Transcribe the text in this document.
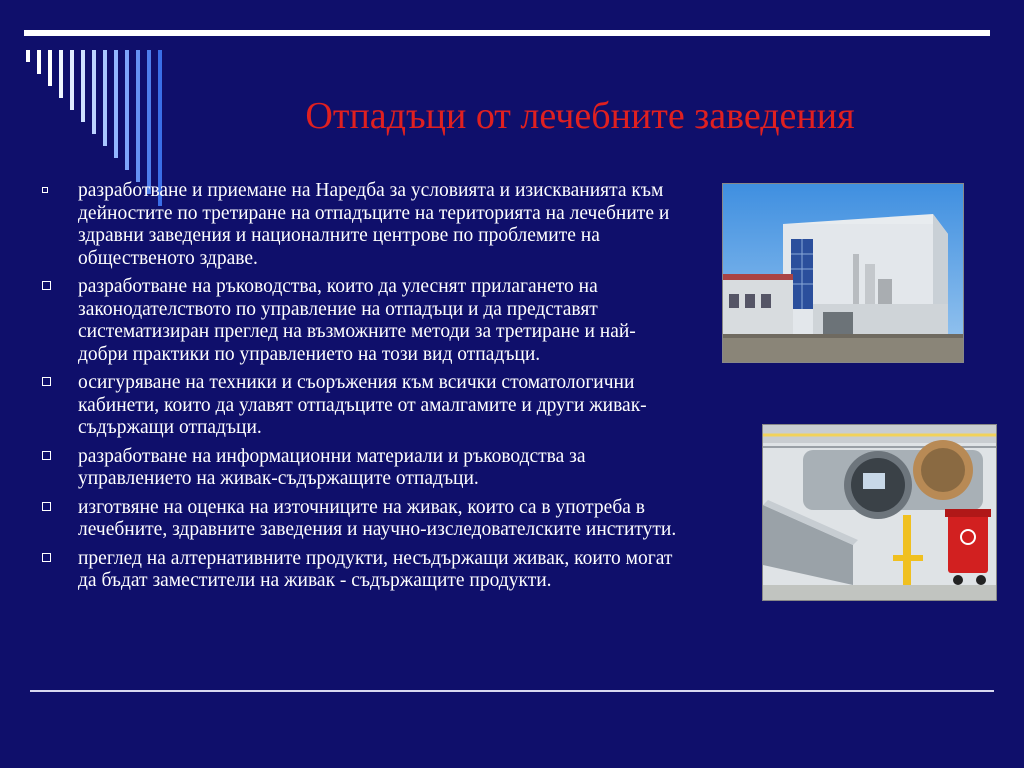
Отпадъци от лечебните заведения
разработване и приемане на Наредба за условията и изискванията към дейностите по третиране на отпадъците на територията на лечебните и здравни заведения и националните центрове по проблемите на общественото здраве.
разработване на ръководства, които да улеснят прилагането на законодателството по управление на отпадъци и да представят систематизиран преглед на възможните методи за третиране и най-добри практики по управлението на този вид отпадъци.
осигуряване на техники и съоръжения към всички стоматологични кабинети, които да улавят отпадъците от амалгамите и други живак-съдържащи отпадъци.
разработване на информационни материали и ръководства за управлението на живак-съдържащите отпадъци.
изготвяне на оценка на източниците на живак, които са в употреба в лечебните, здравните заведения и научно-изследователските институти.
преглед на алтернативните продукти, несъдържащи живак, които могат да бъдат заместители на живак - съдържащите продукти.
